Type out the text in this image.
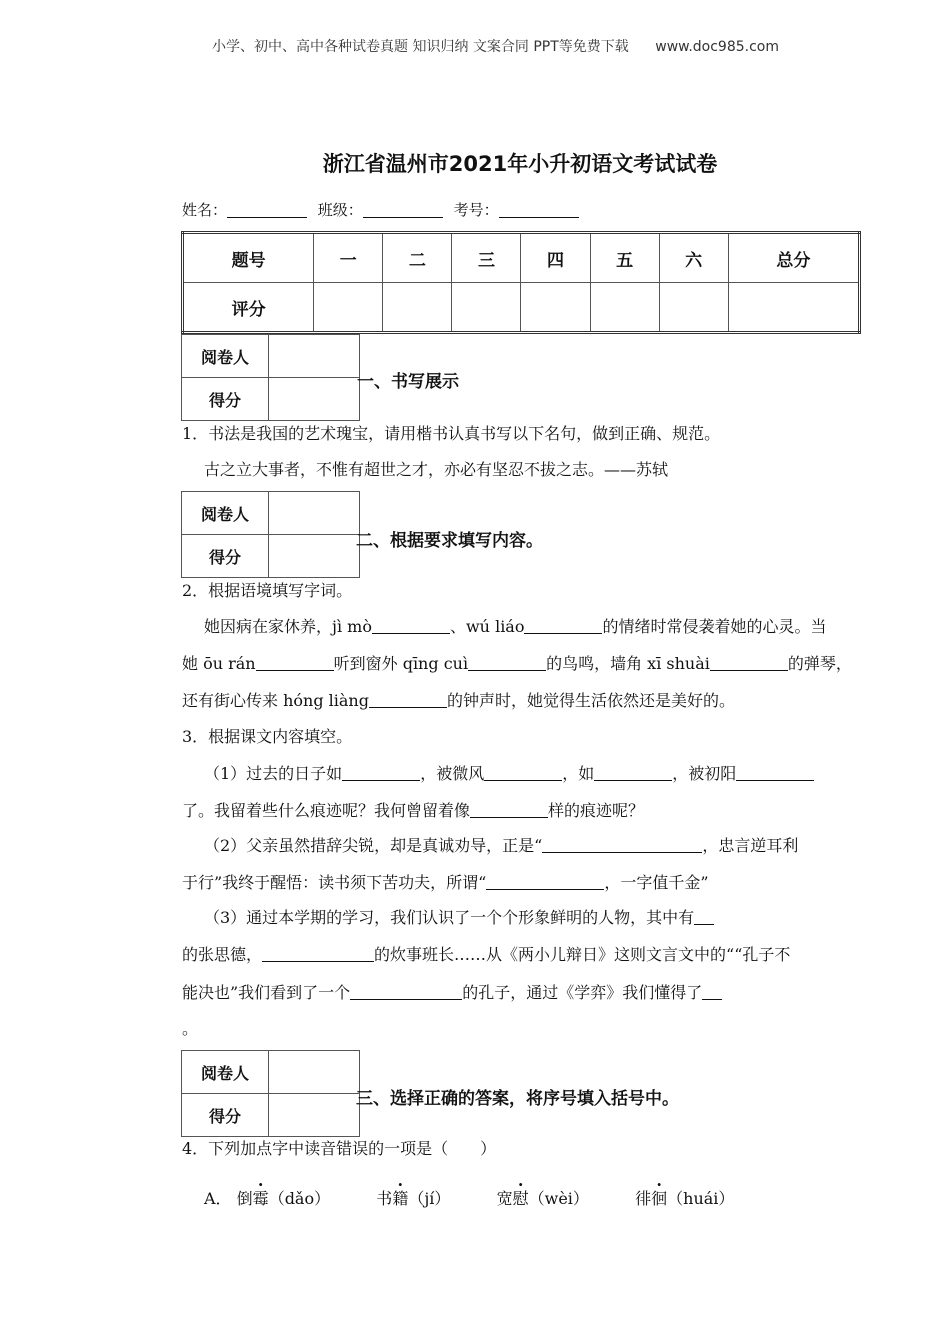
小学、初中、高中各种试卷真题 知识归纳 文案合同 PPT等免费下载 www.doc985.com
浙江省温州市2021年小升初语文考试试卷
姓名：	班级：	考号：
题号	一	二	三	四	五	六	总分
评分							
阅卷人	
得分	
一、书写展示
1．书法是我国的艺术瑰宝，请用楷书认真书写以下名句，做到正确、规范。
古之立大事者，不惟有超世之才，亦必有坚忍不拔之志。——苏轼
阅卷人	
得分	
二、根据要求填写内容。
2．根据语境填写字词。
她因病在家休养，jì mò	、wú liáo	的情绪时常侵袭着她的心灵。当
她 ōu rán	听到窗外 qīng cuì	的鸟鸣，墙角 xī shuài	的弹琴，
还有街心传来 hóng liàng	的钟声时，她觉得生活依然还是美好的。
3．根据课文内容填空。
（1）过去的日子如	，被微风	，如	，被初阳
了。我留着些什么痕迹呢？我何曾留着像	样的痕迹呢？
（2）父亲虽然措辞尖锐，却是真诚劝导，正是“	，忠言逆耳利
于行”我终于醒悟：读书须下苦功夫，所谓“	，一字值千金”
（3）通过本学期的学习，我们认识了一个个形象鲜明的人物，其中有
的张思德，	的炊事班长……从《两小儿辩日》这则文言文中的““孔子不
能决也”我们看到了一个	的孔子，通过《学弈》我们懂得了
。
阅卷人	
得分	
三、选择正确的答案，将序号填入括号中。
4．下列加点字中读音错误的一项是（　　）
A． 倒霉（dǎo）	书籍（jí）	宽慰（wèi）	徘徊（huái）
